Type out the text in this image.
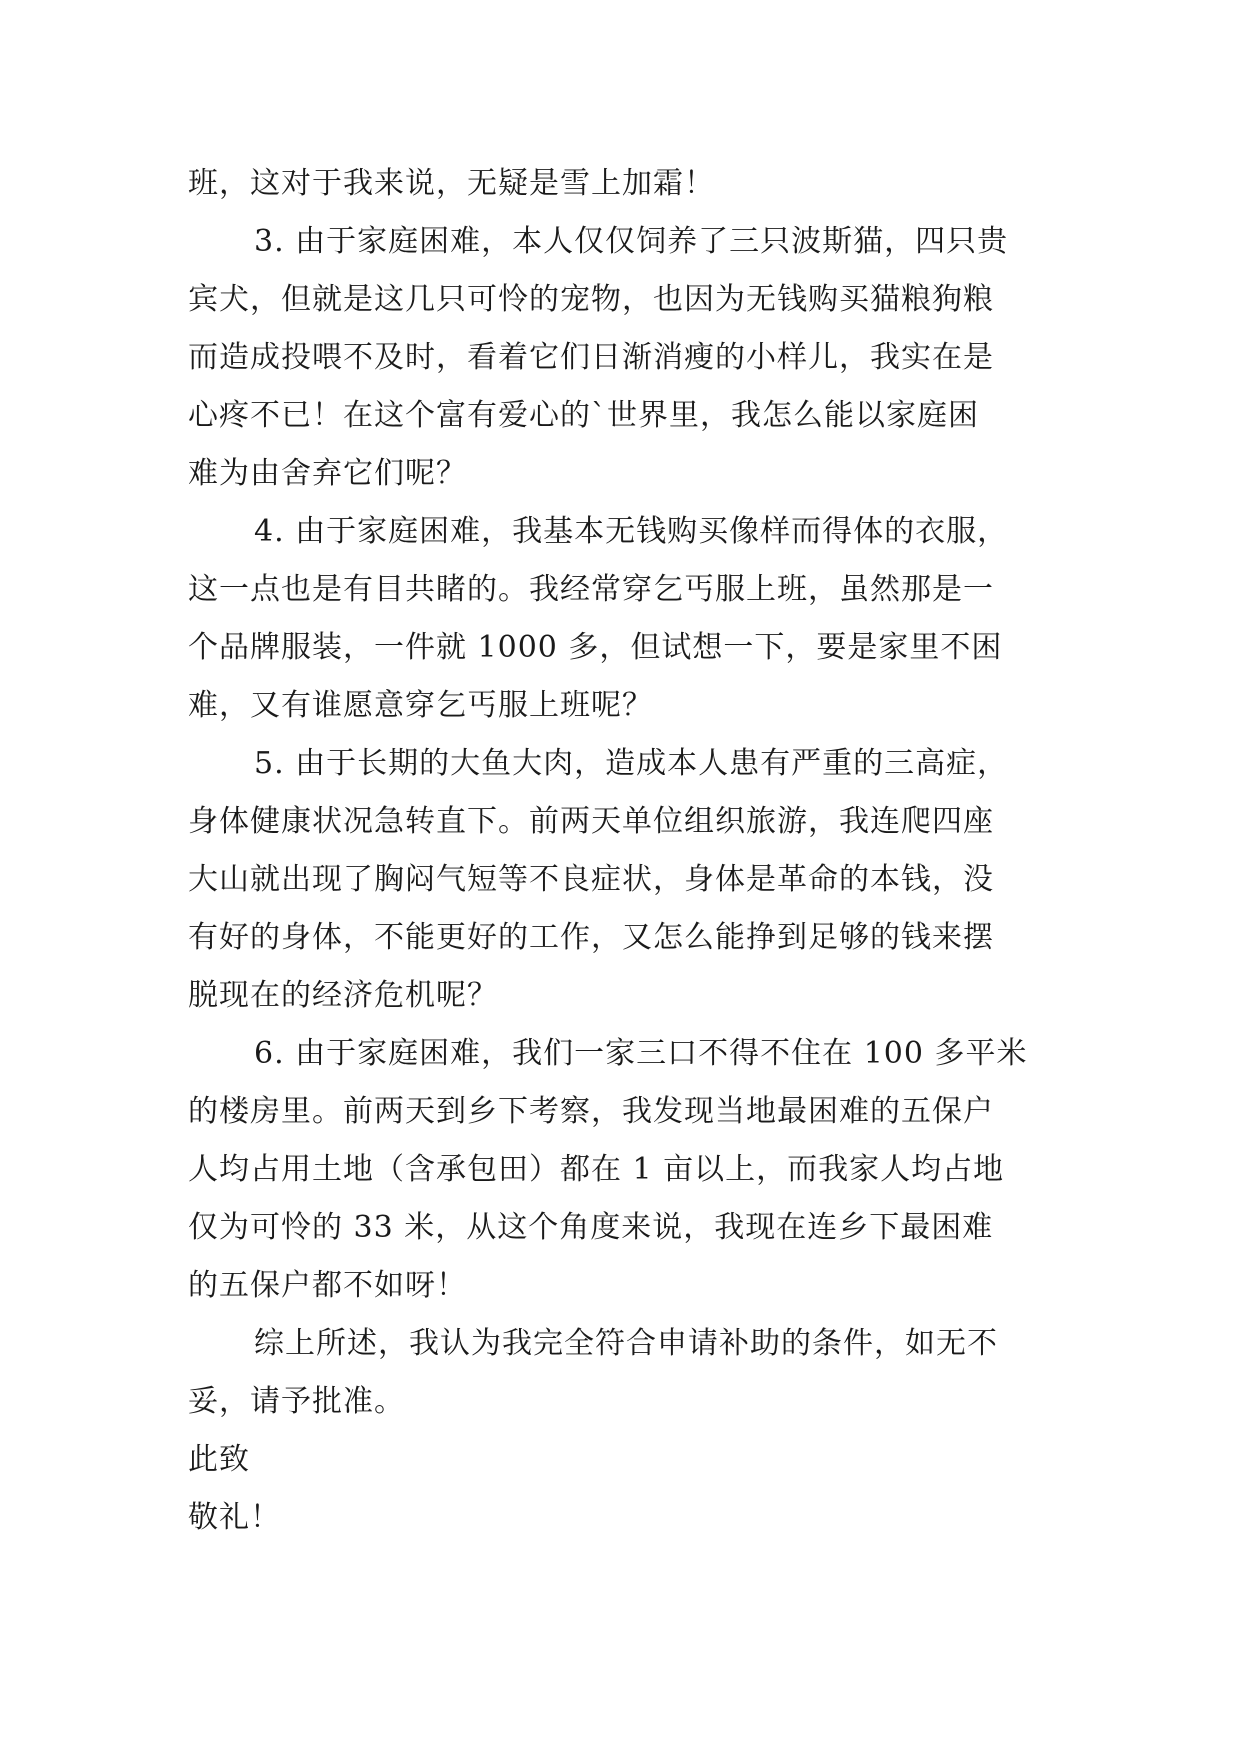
班，这对于我来说，无疑是雪上加霜！
3. 由于家庭困难，本人仅仅饲养了三只波斯猫，四只贵
宾犬，但就是这几只可怜的宠物，也因为无钱购买猫粮狗粮
而造成投喂不及时，看着它们日渐消瘦的小样儿，我实在是
心疼不已！在这个富有爱心的`世界里，我怎么能以家庭困
难为由舍弃它们呢？
4. 由于家庭困难，我基本无钱购买像样而得体的衣服，
这一点也是有目共睹的。我经常穿乞丐服上班，虽然那是一
个品牌服装，一件就 1000 多，但试想一下，要是家里不困
难，又有谁愿意穿乞丐服上班呢？
5. 由于长期的大鱼大肉，造成本人患有严重的三高症，
身体健康状况急转直下。前两天单位组织旅游，我连爬四座
大山就出现了胸闷气短等不良症状，身体是革命的本钱，没
有好的身体，不能更好的工作，又怎么能挣到足够的钱来摆
脱现在的经济危机呢？
6. 由于家庭困难，我们一家三口不得不住在 100 多平米
的楼房里。前两天到乡下考察，我发现当地最困难的五保户
人均占用土地（含承包田）都在 1 亩以上，而我家人均占地
仅为可怜的 33 米，从这个角度来说，我现在连乡下最困难
的五保户都不如呀！
综上所述，我认为我完全符合申请补助的条件，如无不
妥，请予批准。
此致
敬礼！
